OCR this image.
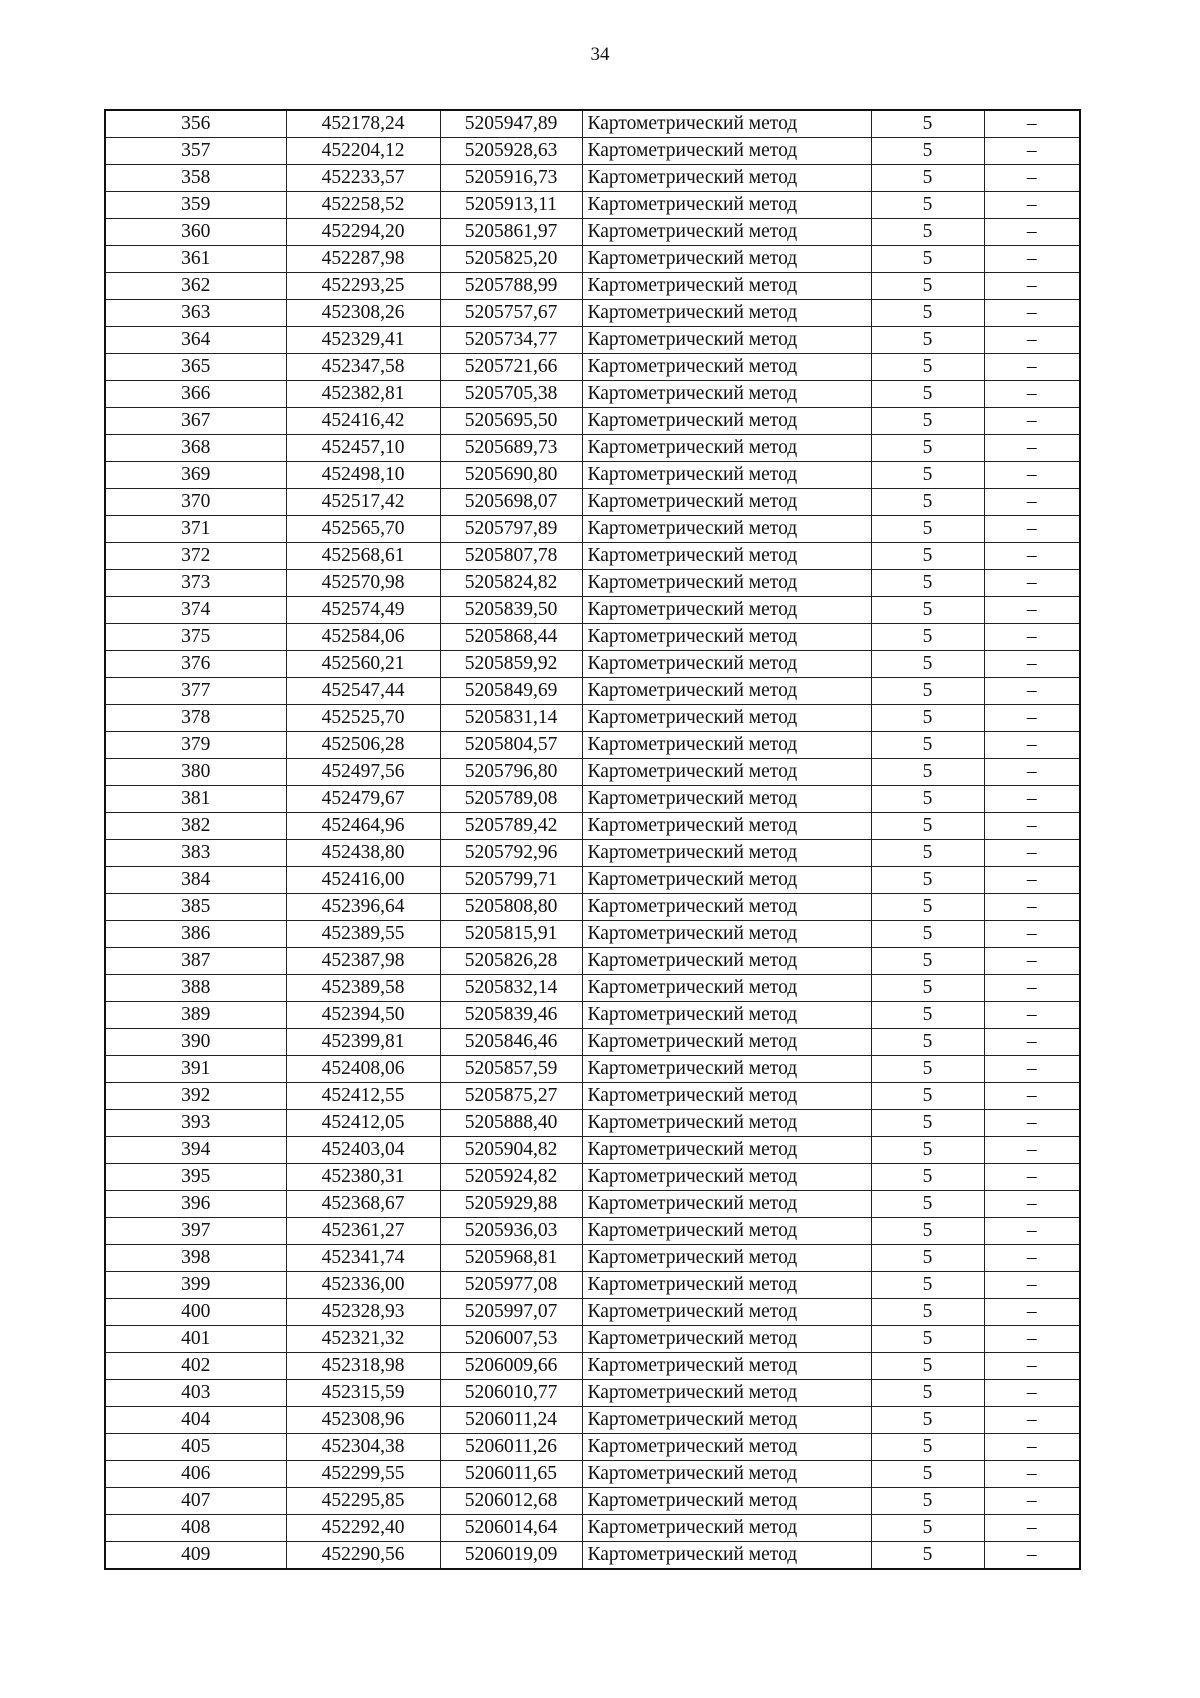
34
356	452178,24	5205947,89	Картометрический метод	5	–
357	452204,12	5205928,63	Картометрический метод	5	–
358	452233,57	5205916,73	Картометрический метод	5	–
359	452258,52	5205913,11	Картометрический метод	5	–
360	452294,20	5205861,97	Картометрический метод	5	–
361	452287,98	5205825,20	Картометрический метод	5	–
362	452293,25	5205788,99	Картометрический метод	5	–
363	452308,26	5205757,67	Картометрический метод	5	–
364	452329,41	5205734,77	Картометрический метод	5	–
365	452347,58	5205721,66	Картометрический метод	5	–
366	452382,81	5205705,38	Картометрический метод	5	–
367	452416,42	5205695,50	Картометрический метод	5	–
368	452457,10	5205689,73	Картометрический метод	5	–
369	452498,10	5205690,80	Картометрический метод	5	–
370	452517,42	5205698,07	Картометрический метод	5	–
371	452565,70	5205797,89	Картометрический метод	5	–
372	452568,61	5205807,78	Картометрический метод	5	–
373	452570,98	5205824,82	Картометрический метод	5	–
374	452574,49	5205839,50	Картометрический метод	5	–
375	452584,06	5205868,44	Картометрический метод	5	–
376	452560,21	5205859,92	Картометрический метод	5	–
377	452547,44	5205849,69	Картометрический метод	5	–
378	452525,70	5205831,14	Картометрический метод	5	–
379	452506,28	5205804,57	Картометрический метод	5	–
380	452497,56	5205796,80	Картометрический метод	5	–
381	452479,67	5205789,08	Картометрический метод	5	–
382	452464,96	5205789,42	Картометрический метод	5	–
383	452438,80	5205792,96	Картометрический метод	5	–
384	452416,00	5205799,71	Картометрический метод	5	–
385	452396,64	5205808,80	Картометрический метод	5	–
386	452389,55	5205815,91	Картометрический метод	5	–
387	452387,98	5205826,28	Картометрический метод	5	–
388	452389,58	5205832,14	Картометрический метод	5	–
389	452394,50	5205839,46	Картометрический метод	5	–
390	452399,81	5205846,46	Картометрический метод	5	–
391	452408,06	5205857,59	Картометрический метод	5	–
392	452412,55	5205875,27	Картометрический метод	5	–
393	452412,05	5205888,40	Картометрический метод	5	–
394	452403,04	5205904,82	Картометрический метод	5	–
395	452380,31	5205924,82	Картометрический метод	5	–
396	452368,67	5205929,88	Картометрический метод	5	–
397	452361,27	5205936,03	Картометрический метод	5	–
398	452341,74	5205968,81	Картометрический метод	5	–
399	452336,00	5205977,08	Картометрический метод	5	–
400	452328,93	5205997,07	Картометрический метод	5	–
401	452321,32	5206007,53	Картометрический метод	5	–
402	452318,98	5206009,66	Картометрический метод	5	–
403	452315,59	5206010,77	Картометрический метод	5	–
404	452308,96	5206011,24	Картометрический метод	5	–
405	452304,38	5206011,26	Картометрический метод	5	–
406	452299,55	5206011,65	Картометрический метод	5	–
407	452295,85	5206012,68	Картометрический метод	5	–
408	452292,40	5206014,64	Картометрический метод	5	–
409	452290,56	5206019,09	Картометрический метод	5	–
